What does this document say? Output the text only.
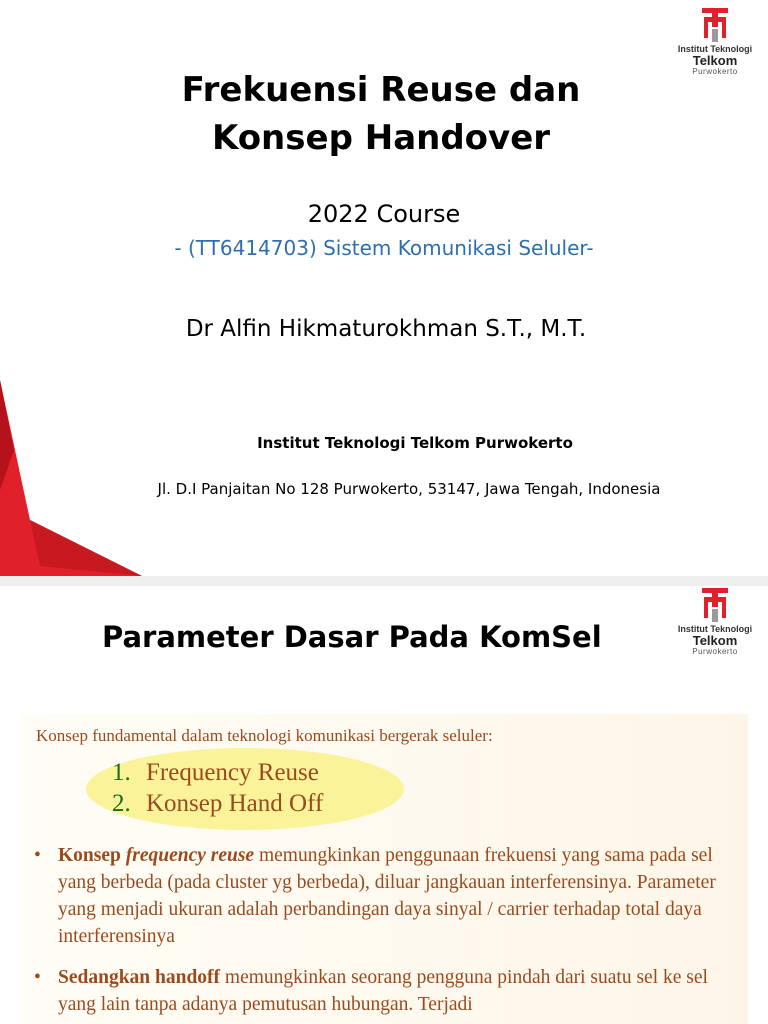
Institut Teknologi
Telkom
Purwokerto
Frekuensi Reuse dan
Konsep Handover
2022 Course
- (TT6414703) Sistem Komunikasi Seluler-
Dr Alfin Hikmaturokhman S.T., M.T.
Institut Teknologi Telkom Purwokerto
Jl. D.I Panjaitan No 128 Purwokerto, 53147, Jawa Tengah, Indonesia
Institut Teknologi
Telkom
Purwokerto
Parameter Dasar Pada KomSel
Konsep fundamental dalam teknologi komunikasi bergerak seluler:
1. Frequency Reuse
2. Konsep Hand Off
• Konsep frequency reuse memungkinkan penggunaan frekuensi yang sama pada sel yang berbeda (pada cluster yg berbeda), diluar jangkauan interferensinya. Parameter yang menjadi ukuran adalah perbandingan daya sinyal / carrier terhadap total daya interferensinya
• Sedangkan handoff memungkinkan seorang pengguna pindah dari suatu sel ke sel yang lain tanpa adanya pemutusan hubungan. Terjadi
